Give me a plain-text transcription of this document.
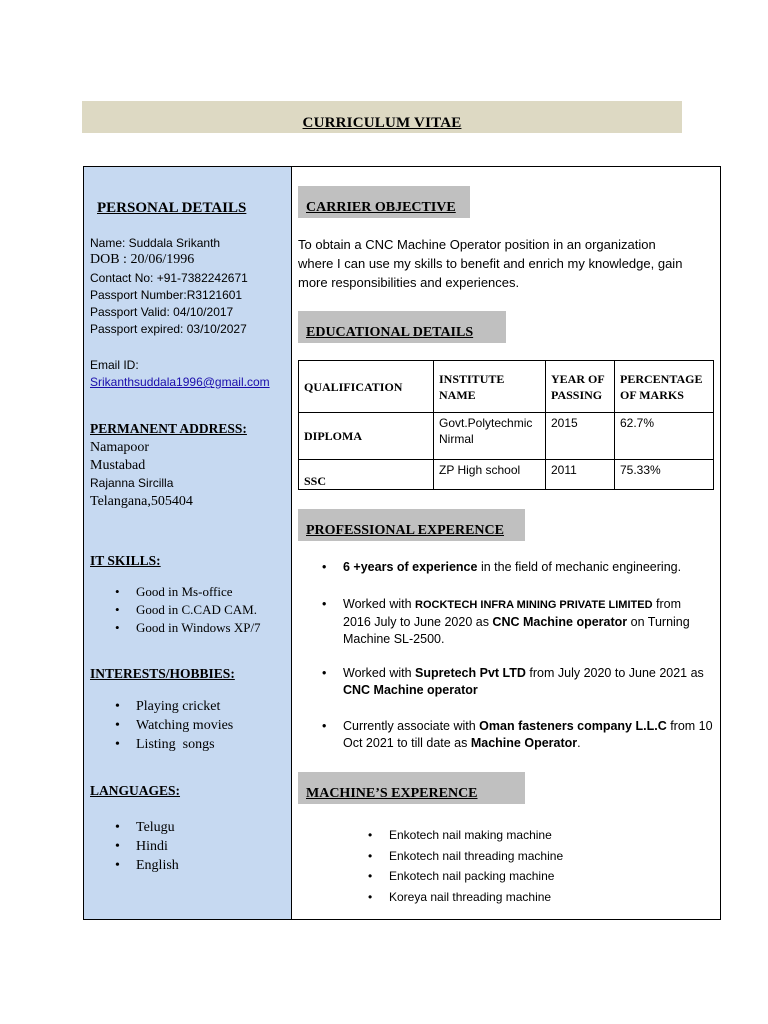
CURRICULUM VITAE
PERSONAL DETAILS
Name: Suddala Srikanth
DOB : 20/06/1996
Contact No: +91-7382242671
Passport Number:R3121601
Passport Valid: 04/10/2017
Passport expired: 03/10/2027
Email ID:
Srikanthsuddala1996@gmail.com
PERMANENT ADDRESS:
Namapoor
Mustabad
Rajanna Sircilla
Telangana,505404
IT SKILLS:
• Good in Ms-office
• Good in C.CAD CAM.
• Good in Windows XP/7
INTERESTS/HOBBIES:
• Playing cricket
• Watching movies
• Listing  songs
LANGUAGES:
• Telugu
• Hindi
• English
CARRIER OBJECTIVE
To obtain a CNC Machine Operator position in an organization
where I can use my skills to benefit and enrich my knowledge, gain
more responsibilities and experiences.
EDUCATIONAL DETAILS
QUALIFICATION	INSTITUTE NAME	YEAR OF PASSING	PERCENTAGE OF MARKS
DIPLOMA	Govt.Polytechmic Nirmal	2015	62.7%
SSC	ZP High school	2011	75.33%
PROFESSIONAL EXPERENCE
• 6 +years of experience in the field of mechanic engineering.
• Worked with ROCKTECH INFRA MINING PRIVATE LIMITED from
2016 July to June 2020 as CNC Machine operator on Turning
Machine SL-2500.
• Worked with Supretech Pvt LTD from July 2020 to June 2021 as
CNC Machine operator
• Currently associate with Oman fasteners company L.L.C from 10
Oct 2021 to till date as Machine Operator.
MACHINE’S EXPERENCE
• Enkotech nail making machine
• Enkotech nail threading machine
• Enkotech nail packing machine
• Koreya nail threading machine
